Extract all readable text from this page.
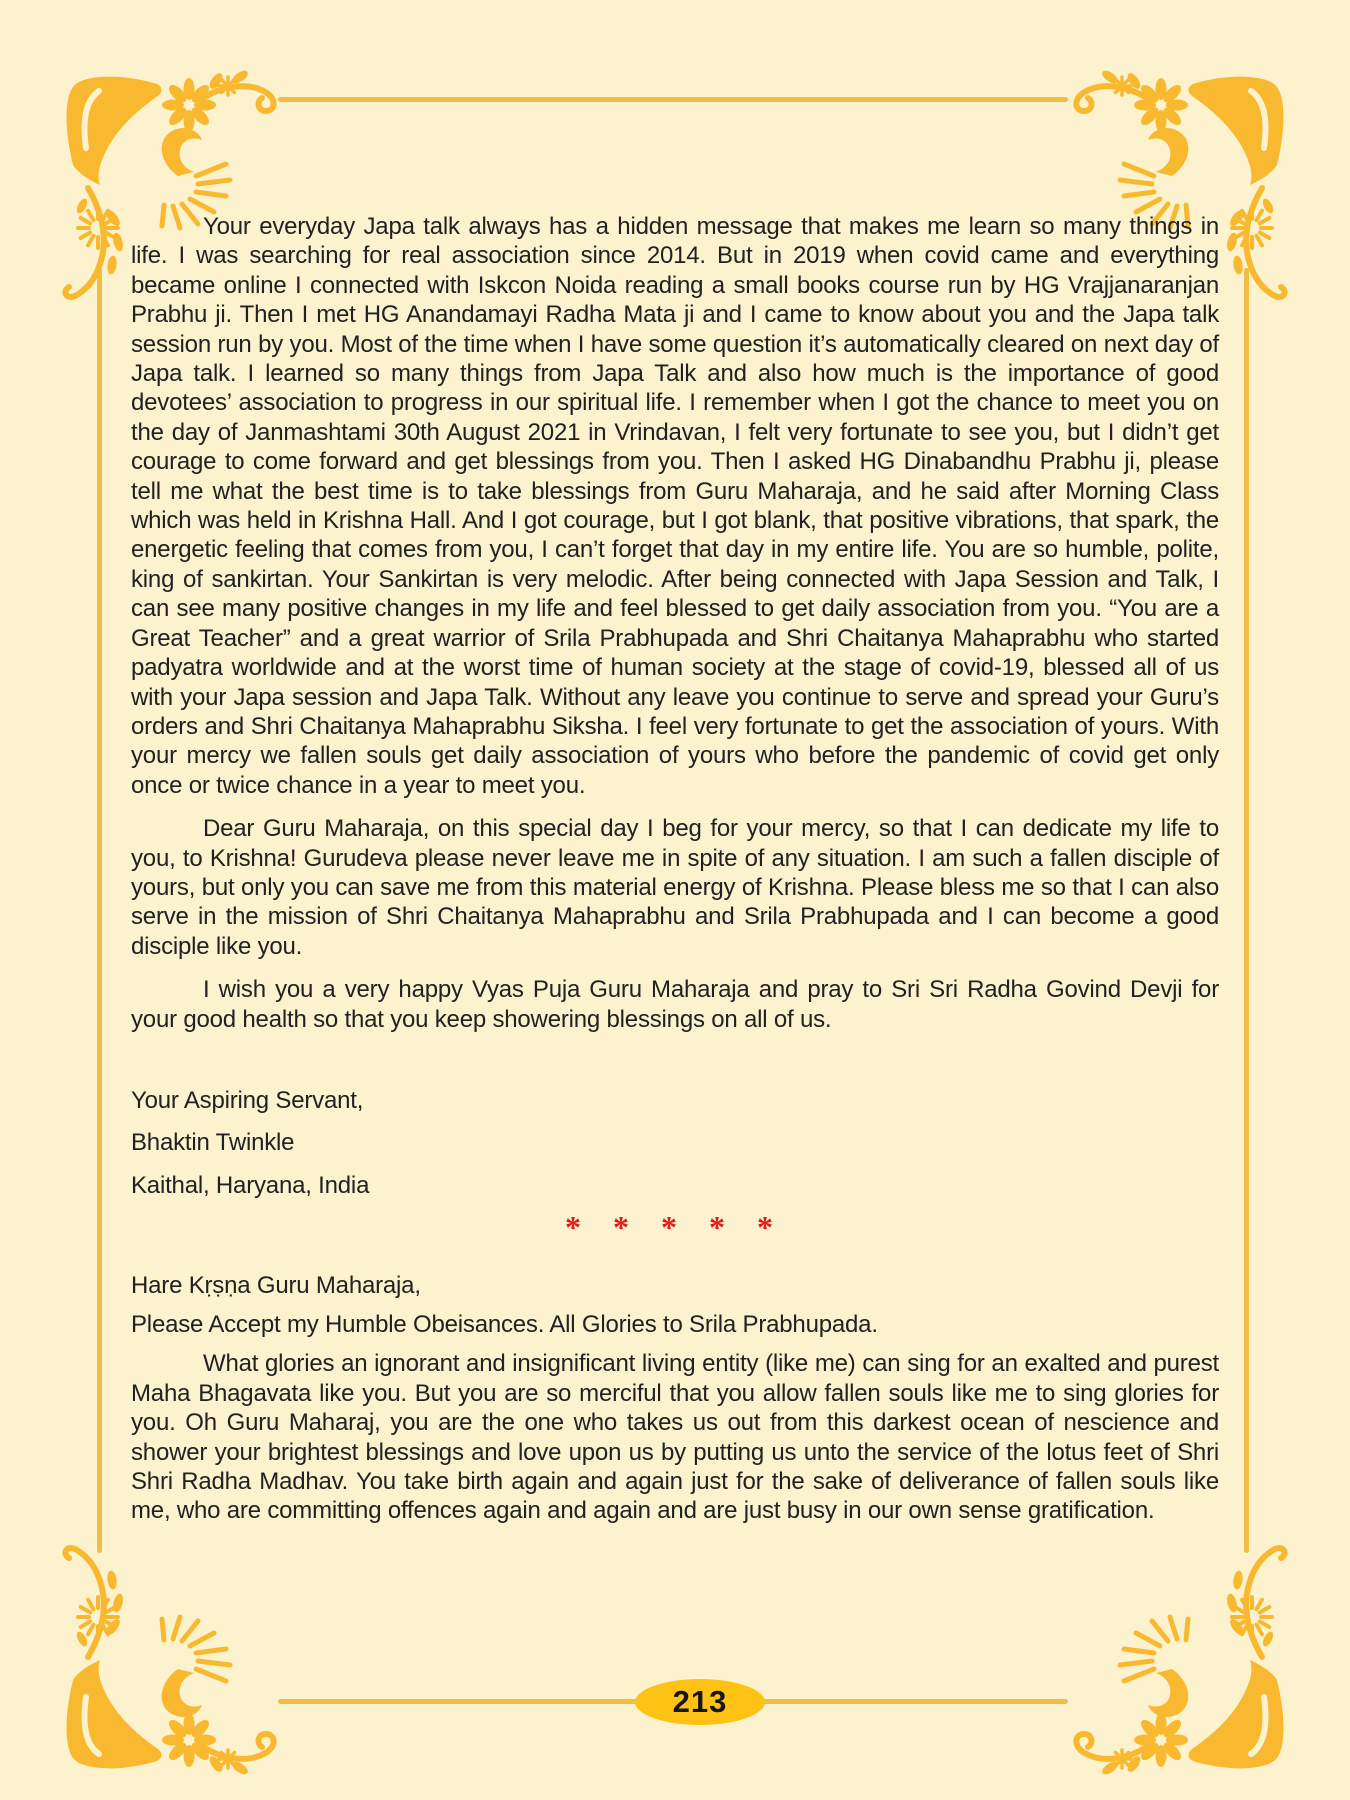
Your everyday Japa talk always has a hidden message that makes me learn so many things in life. I was searching for real association since 2014. But in 2019 when covid came and everything became online I connected with Iskcon Noida reading a small books course run by HG Vrajjanaranjan Prabhu ji. Then I met HG Anandamayi Radha Mata ji and I came to know about you and the Japa talk session run by you. Most of the time when I have some question it’s automatically cleared on next day of Japa talk. I learned so many things from Japa Talk and also how much is the importance of good devotees’ association to progress in our spiritual life. I remember when I got the chance to meet you on the day of Janmashtami 30th August 2021 in Vrindavan, I felt very fortunate to see you, but I didn’t get courage to come forward and get blessings from you. Then I asked HG Dinabandhu Prabhu ji, please tell me what the best time is to take blessings from Guru Maharaja, and he said after Morning Class which was held in Krishna Hall. And I got courage, but I got blank, that positive vibrations, that spark, the energetic feeling that comes from you, I can’t forget that day in my entire life. You are so humble, polite, king of sankirtan. Your Sankirtan is very melodic. After being connected with Japa Session and Talk, I can see many positive changes in my life and feel blessed to get daily association from you. “You are a Great Teacher” and a great warrior of Srila Prabhupada and Shri Chaitanya Mahaprabhu who started padyatra worldwide and at the worst time of human society at the stage of covid-19, blessed all of us with your Japa session and Japa Talk. Without any leave you continue to serve and spread your Guru’s orders and Shri Chaitanya Mahaprabhu Siksha. I feel very fortunate to get the association of yours. With your mercy we fallen souls get daily association of yours who before the pandemic of covid get only once or twice chance in a year to meet you.

Dear Guru Maharaja, on this special day I beg for your mercy, so that I can dedicate my life to you, to Krishna! Gurudeva please never leave me in spite of any situation. I am such a fallen disciple of yours, but only you can save me from this material energy of Krishna. Please bless me so that I can also serve in the mission of Shri Chaitanya Mahaprabhu and Srila Prabhupada and I can become a good disciple like you.

I wish you a very happy Vyas Puja Guru Maharaja and pray to Sri Sri Radha Govind Devji for your good health so that you keep showering blessings on all of us.

Your Aspiring Servant,
Bhaktin Twinkle
Kaithal, Haryana, India
* * * * *

Hare Kṛṣṇa Guru Maharaja,

Please Accept my Humble Obeisances. All Glories to Srila Prabhupada.

What glories an ignorant and insignificant living entity (like me) can sing for an exalted and purest Maha Bhagavata like you. But you are so merciful that you allow fallen souls like me to sing glories for you. Oh Guru Maharaj, you are the one who takes us out from this darkest ocean of nescience and shower your brightest blessings and love upon us by putting us unto the service of the lotus feet of Shri Shri Radha Madhav. You take birth again and again just for the sake of deliverance of fallen souls like me, who are committing offences again and again and are just busy in our own sense gratification.

213
